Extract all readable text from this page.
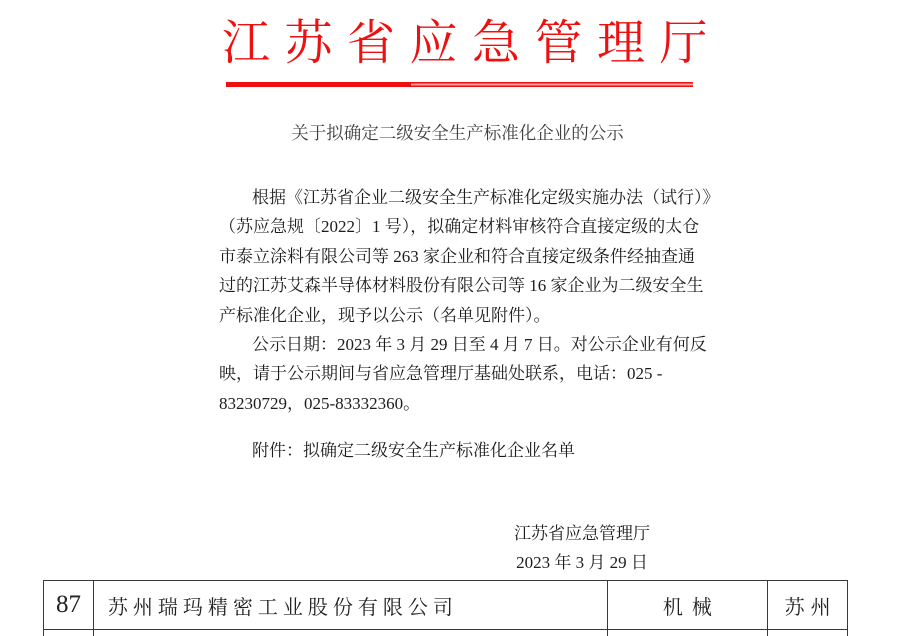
江苏省应急管理厅
关于拟确定二级安全生产标准化企业的公示
根据《江苏省企业二级安全生产标准化定级实施办法（试行）》
（苏应急规〔2022〕1 号），拟确定材料审核符合直接定级的太仓
市泰立涂料有限公司等 263 家企业和符合直接定级条件经抽查通
过的江苏艾森半导体材料股份有限公司等 16 家企业为二级安全生
产标准化企业，现予以公示（名单见附件）。
公示日期：2023 年 3 月 29 日至 4 月 7 日。对公示企业有何反
映，请于公示期间与省应急管理厅基础处联系，电话：025 -
83230729，025-83332360。
附件：拟确定二级安全生产标准化企业名单
江苏省应急管理厅
2023 年 3 月 29 日
87	苏州瑞玛精密工业股份有限公司	机械	苏州
